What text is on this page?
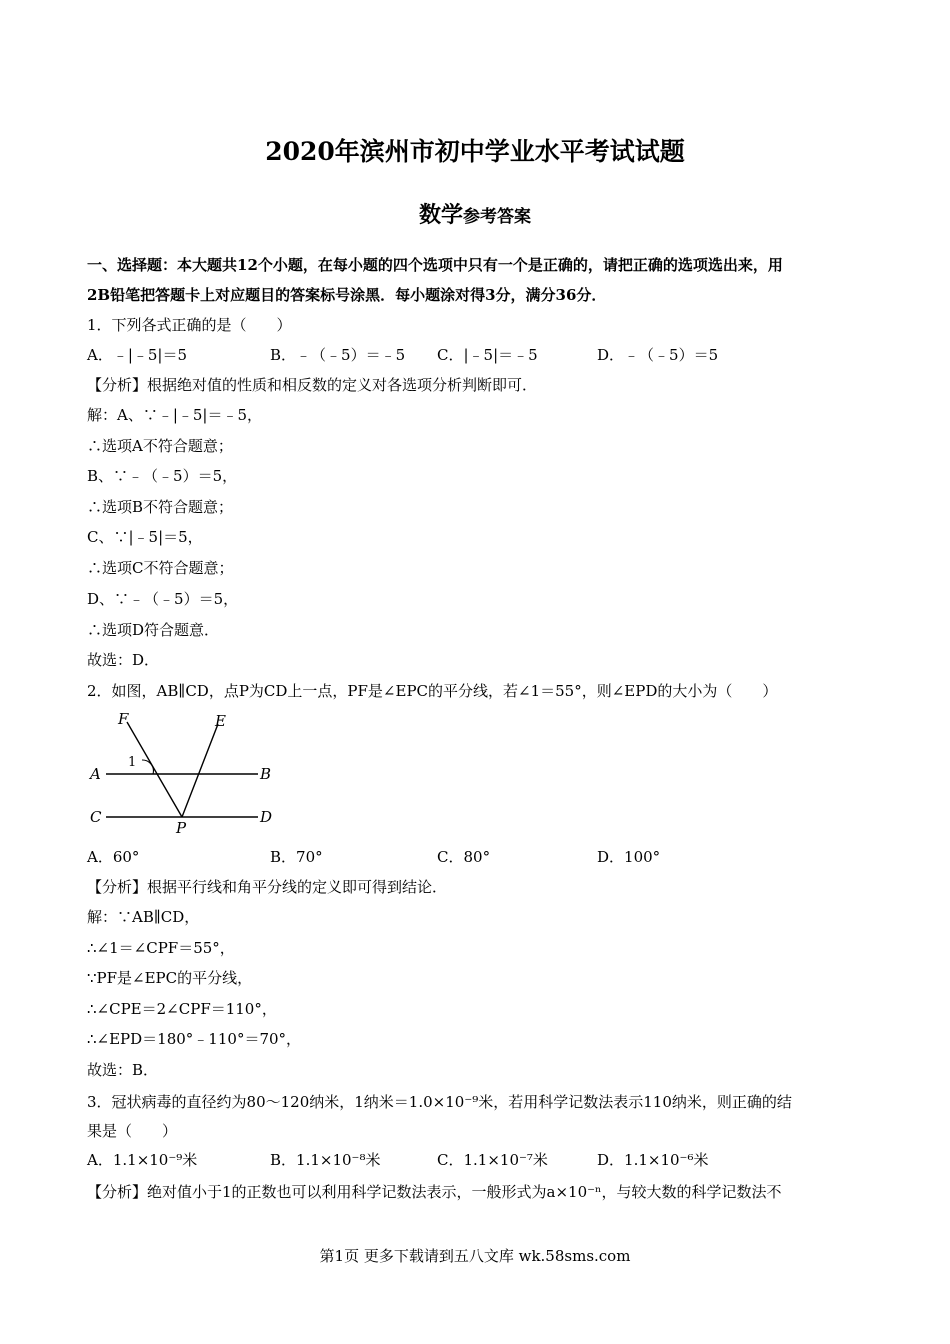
2020年滨州市初中学业水平考试试题
数学参考答案
一、选择题：本大题共12个小题，在每小题的四个选项中只有一个是正确的，请把正确的选项选出来，用
2B铅笔把答题卡上对应题目的答案标号涂黑．每小题涂对得3分，满分36分．
1．下列各式正确的是（　　）
A．﹣|﹣5|＝5	B．﹣（﹣5）＝﹣5 C．|﹣5|＝﹣5	D．﹣（﹣5）＝5
【分析】根据绝对值的性质和相反数的定义对各选项分析判断即可．
解：A、∵﹣|﹣5|＝﹣5，
∴选项A不符合题意；
B、∵﹣（﹣5）＝5，
∴选项B不符合题意；
C、∵|﹣5|＝5，
∴选项C不符合题意；
D、∵﹣（﹣5）＝5，
∴选项D符合题意．
故选：D．
2．如图，AB∥CD，点P为CD上一点，PF是∠EPC的平分线，若∠1＝55°，则∠EPD的大小为（　　）
F	E
1
A	B
C	D
P
A．60°	B．70°	C．80°	D．100°
【分析】根据平行线和角平分线的定义即可得到结论．
解：∵AB∥CD，
∴∠1＝∠CPF＝55°，
∵PF是∠EPC的平分线，
∴∠CPE＝2∠CPF＝110°，
∴∠EPD＝180°﹣110°＝70°，
故选：B．
3．冠状病毒的直径约为80～120纳米，1纳米＝1.0×10⁻⁹米，若用科学记数法表示110纳米，则正确的结
果是（　　）
A．1.1×10⁻⁹米	B．1.1×10⁻⁸米	C．1.1×10⁻⁷米	D．1.1×10⁻⁶米
【分析】绝对值小于1的正数也可以利用科学记数法表示，一般形式为a×10⁻ⁿ，与较大数的科学记数法不
第1页 更多下载请到五八文库 wk.58sms.com
